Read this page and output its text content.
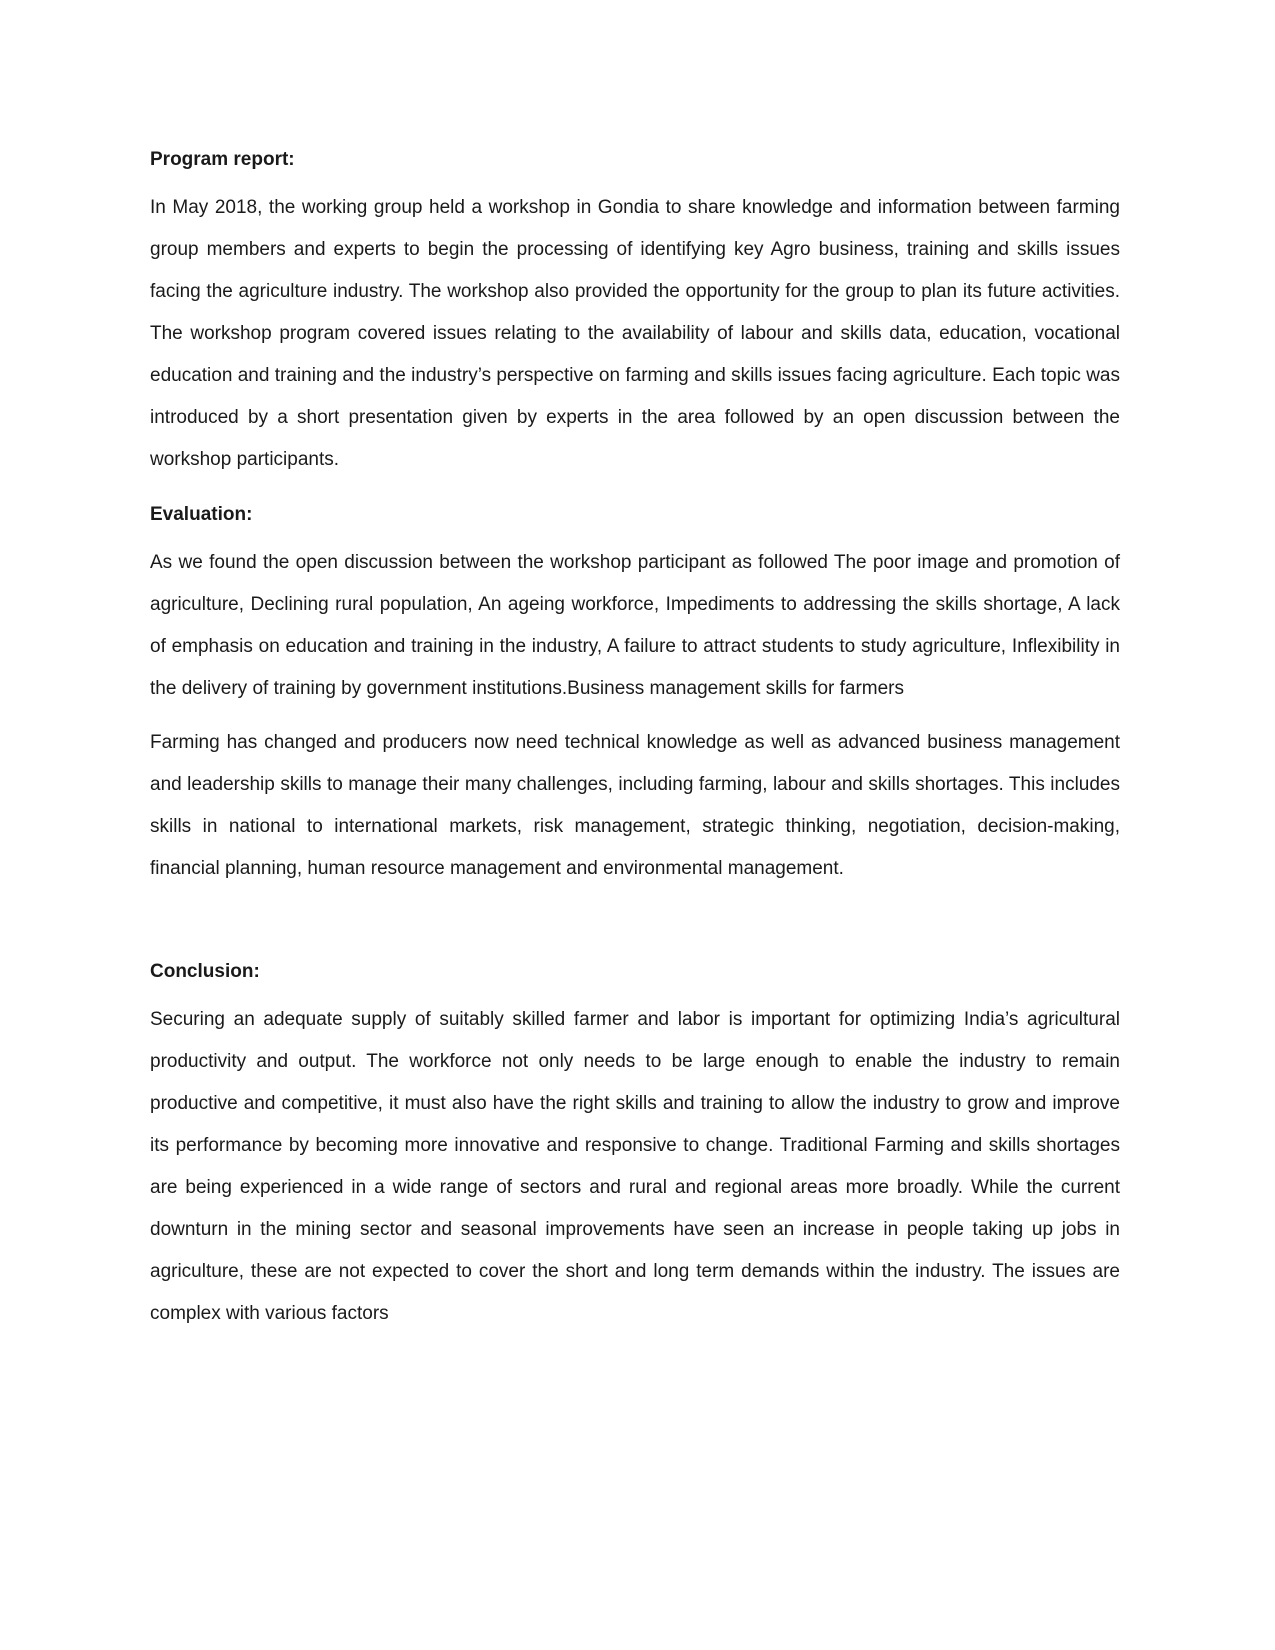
Program report:

In May 2018, the working group held a workshop in Gondia to share knowledge and information between farming group members and experts to begin the processing of identifying key Agro business, training and skills issues facing the agriculture industry. The workshop also provided the opportunity for the group to plan its future activities. The workshop program covered issues relating to the availability of labour and skills data, education, vocational education and training and the industry’s perspective on farming and skills issues facing agriculture. Each topic was introduced by a short presentation given by experts in the area followed by an open discussion between the workshop participants.

Evaluation:

As we found the open discussion between the workshop participant as followed The poor image and promotion of agriculture, Declining rural population, An ageing workforce, Impediments to addressing the skills shortage, A lack of emphasis on education and training in the industry, A failure to attract students to study agriculture, Inflexibility in the delivery of training by government institutions.Business management skills for farmers

Farming has changed and producers now need technical knowledge as well as advanced business management and leadership skills to manage their many challenges, including farming, labour and skills shortages. This includes skills in national to international markets, risk management, strategic thinking, negotiation, decision-making, financial planning, human resource management and environmental management.

Conclusion:

Securing an adequate supply of suitably skilled farmer and labor is important for optimizing India’s agricultural productivity and output. The workforce not only needs to be large enough to enable the industry to remain productive and competitive, it must also have the right skills and training to allow the industry to grow and improve its performance by becoming more innovative and responsive to change. Traditional Farming and skills shortages are being experienced in a wide range of sectors and rural and regional areas more broadly. While the current downturn in the mining sector and seasonal improvements have seen an increase in people taking up jobs in agriculture, these are not expected to cover the short and long term demands within the industry. The issues are complex with various factors
